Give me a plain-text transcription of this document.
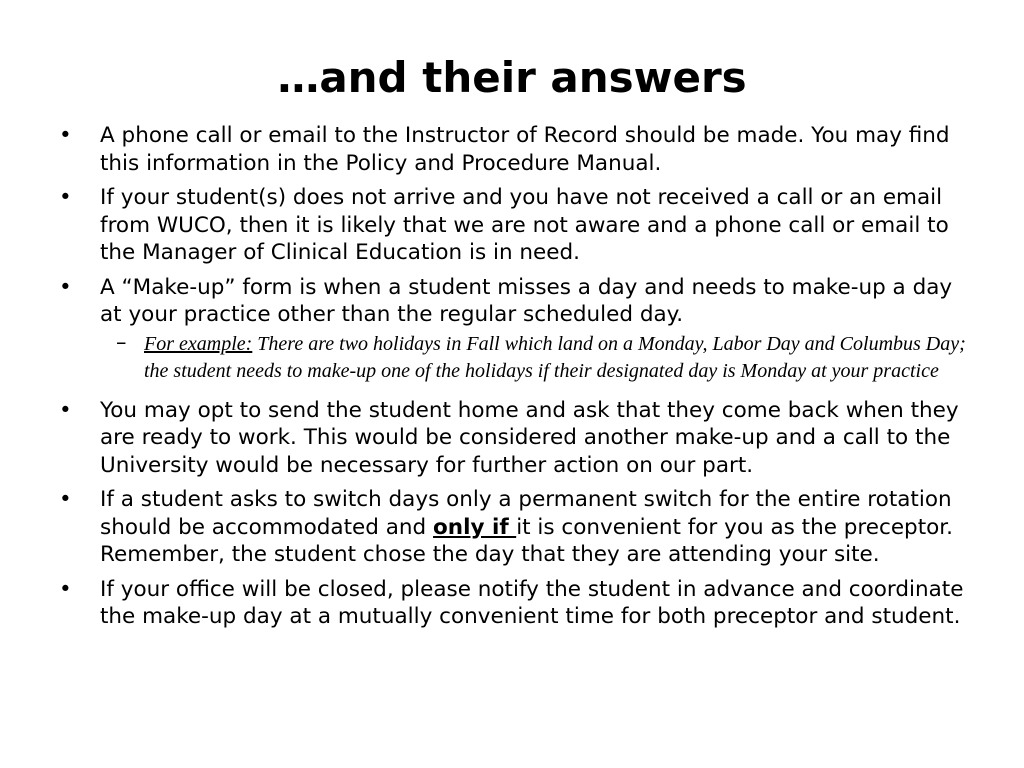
…and their answers
• A phone call or email to the Instructor of Record should be made. You may find this information in the Policy and Procedure Manual.
• If your student(s) does not arrive and you have not received a call or an email from WUCO, then it is likely that we are not aware and a phone call or email to the Manager of Clinical Education is in need.
• A “Make-up” form is when a student misses a day and needs to make-up a day at your practice other than the regular scheduled day.
– For example: There are two holidays in Fall which land on a Monday, Labor Day and Columbus Day; the student needs to make-up one of the holidays if their designated day is Monday at your practice
• You may opt to send the student home and ask that they come back when they are ready to work. This would be considered another make-up and a call to the University would be necessary for further action on our part.
• If a student asks to switch days only a permanent switch for the entire rotation should be accommodated and only if it is convenient for you as the preceptor. Remember, the student chose the day that they are attending your site.
• If your office will be closed, please notify the student in advance and coordinate the make-up day at a mutually convenient time for both preceptor and student.
